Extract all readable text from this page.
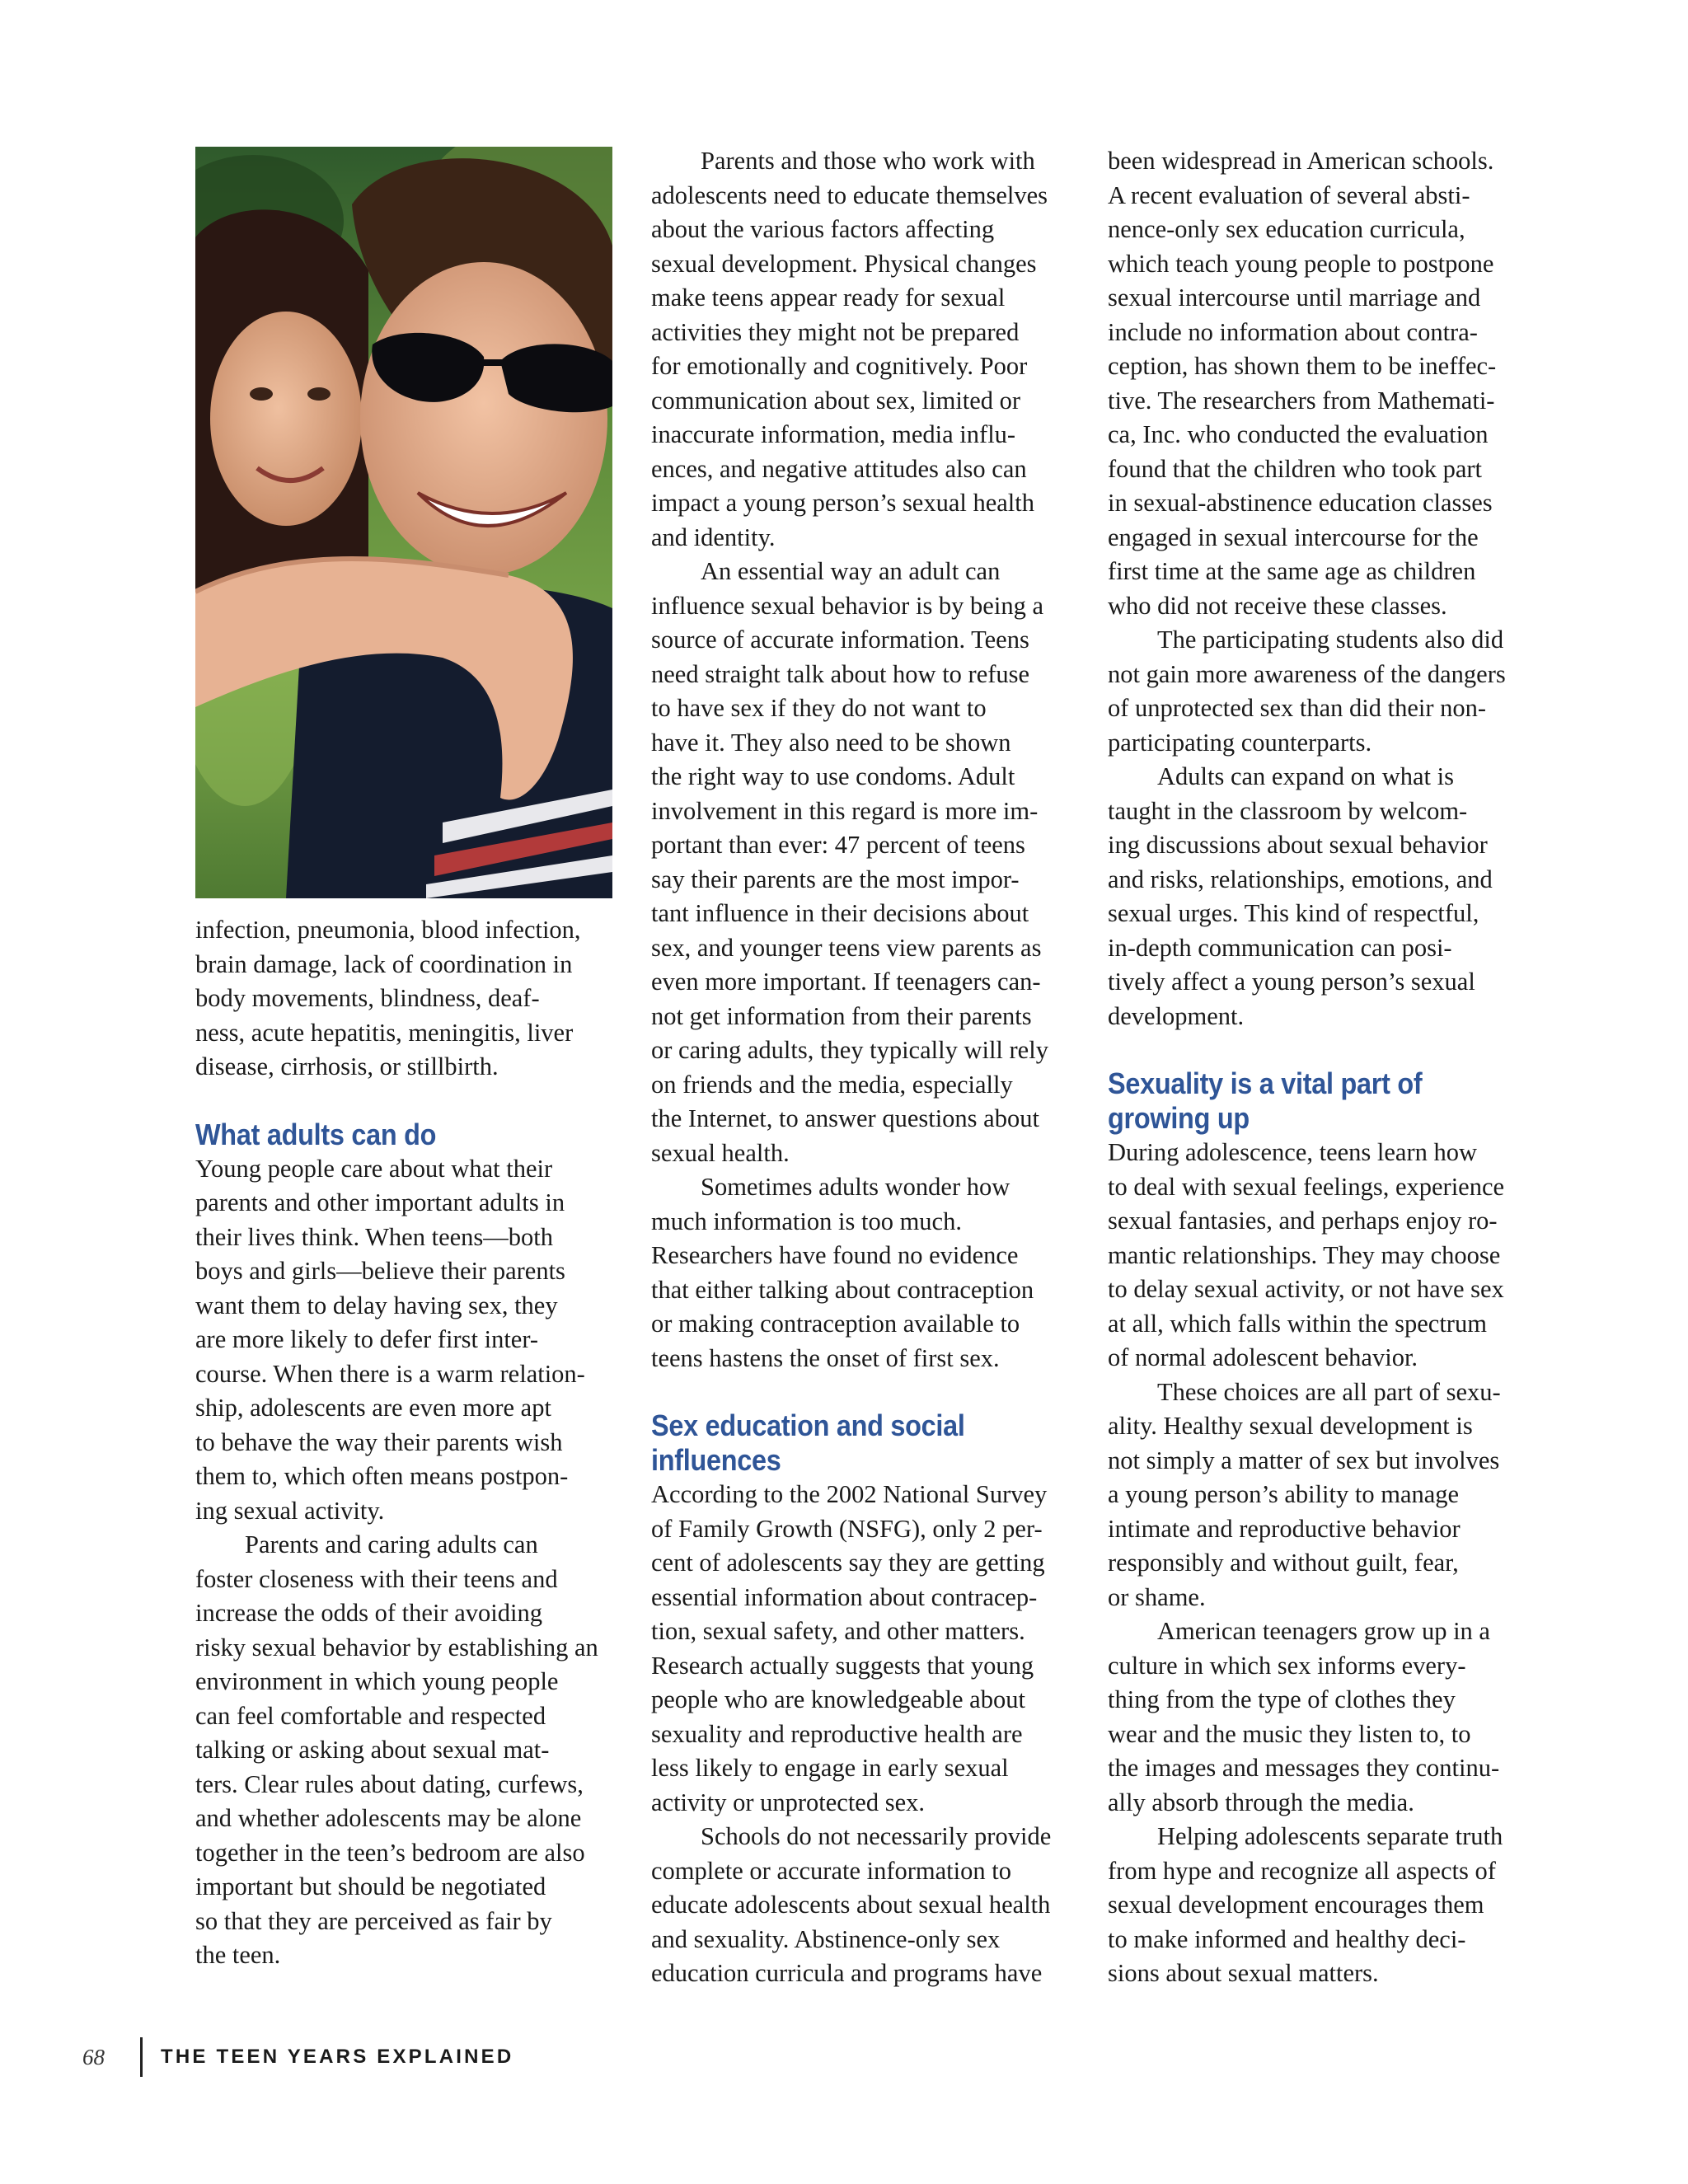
infection, pneumonia, blood infection,
brain damage, lack of coordination in
body movements, blindness, deaf-
ness, acute hepatitis, meningitis, liver
disease, cirrhosis, or stillbirth.
What adults can do
Young people care about what their
parents and other important adults in
their lives think. When teens—both
boys and girls—believe their parents
want them to delay having sex, they
are more likely to defer first inter-
course. When there is a warm relation-
ship, adolescents are even more apt
to behave the way their parents wish
them to, which often means postpon-
ing sexual activity.
Parents and caring adults can
foster closeness with their teens and
increase the odds of their avoiding
risky sexual behavior by establishing an
environment in which young people
can feel comfortable and respected
talking or asking about sexual mat-
ters. Clear rules about dating, curfews,
and whether adolescents may be alone
together in the teen’s bedroom are also
important but should be negotiated
so that they are perceived as fair by
the teen.
Parents and those who work with
adolescents need to educate themselves
about the various factors affecting
sexual development. Physical changes
make teens appear ready for sexual
activities they might not be prepared
for emotionally and cognitively. Poor
communication about sex, limited or
inaccurate information, media influ-
ences, and negative attitudes also can
impact a young person’s sexual health
and identity.
An essential way an adult can
influence sexual behavior is by being a
source of accurate information. Teens
need straight talk about how to refuse
to have sex if they do not want to
have it. They also need to be shown
the right way to use condoms. Adult
involvement in this regard is more im-
portant than ever: 47 percent of teens
say their parents are the most impor-
tant influence in their decisions about
sex, and younger teens view parents as
even more important. If teenagers can-
not get information from their parents
or caring adults, they typically will rely
on friends and the media, especially
the Internet, to answer questions about
sexual health.
Sometimes adults wonder how
much information is too much.
Researchers have found no evidence
that either talking about contraception
or making contraception available to
teens hastens the onset of first sex.
Sex education and social
influences
According to the 2002 National Survey
of Family Growth (NSFG), only 2 per-
cent of adolescents say they are getting
essential information about contracep-
tion, sexual safety, and other matters.
Research actually suggests that young
people who are knowledgeable about
sexuality and reproductive health are
less likely to engage in early sexual
activity or unprotected sex.
Schools do not necessarily provide
complete or accurate information to
educate adolescents about sexual health
and sexuality. Abstinence-only sex
education curricula and programs have
been widespread in American schools.
A recent evaluation of several absti-
nence-only sex education curricula,
which teach young people to postpone
sexual intercourse until marriage and
include no information about contra-
ception, has shown them to be ineffec-
tive. The researchers from Mathemati-
ca, Inc. who conducted the evaluation
found that the children who took part
in sexual-abstinence education classes
engaged in sexual intercourse for the
first time at the same age as children
who did not receive these classes.
The participating students also did
not gain more awareness of the dangers
of unprotected sex than did their non-
participating counterparts.
Adults can expand on what is
taught in the classroom by welcom-
ing discussions about sexual behavior
and risks, relationships, emotions, and
sexual urges. This kind of respectful,
in-depth communication can posi-
tively affect a young person’s sexual
development.
Sexuality is a vital part of
growing up
During adolescence, teens learn how
to deal with sexual feelings, experience
sexual fantasies, and perhaps enjoy ro-
mantic relationships. They may choose
to delay sexual activity, or not have sex
at all, which falls within the spectrum
of normal adolescent behavior.
These choices are all part of sexu-
ality. Healthy sexual development is
not simply a matter of sex but involves
a young person’s ability to manage
intimate and reproductive behavior
responsibly and without guilt, fear,
or shame.
American teenagers grow up in a
culture in which sex informs every-
thing from the type of clothes they
wear and the music they listen to, to
the images and messages they continu-
ally absorb through the media.
Helping adolescents separate truth
from hype and recognize all aspects of
sexual development encourages them
to make informed and healthy deci-
sions about sexual matters.
68	THE TEEN YEARS EXPLAINED
